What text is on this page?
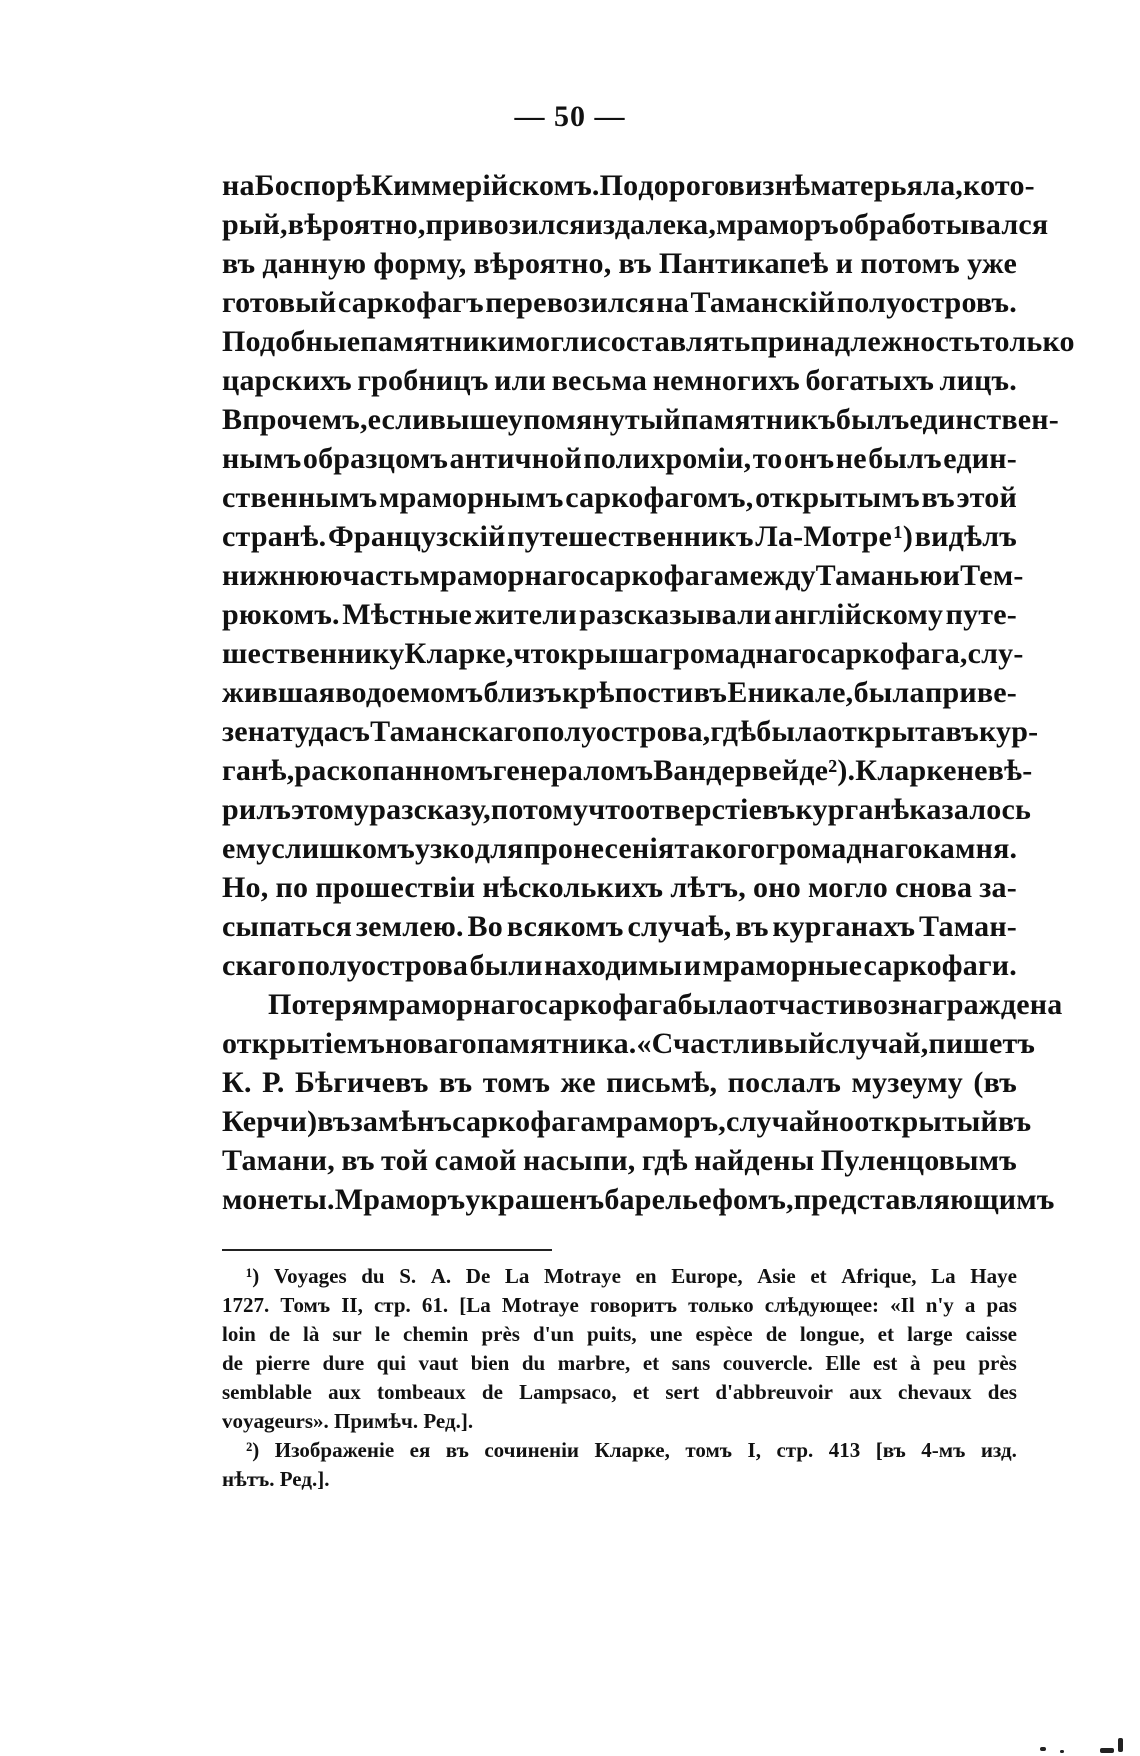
— 50 —
на Боспорѣ Киммерійскомъ. По дороговизнѣ матерьяла, кото-
рый, вѣроятно, привозился издалека, мраморъ обработывался
въ данную форму, вѣроятно, въ Пантикапеѣ и потомъ уже
готовый саркофагъ перевозился на Таманскій полуостровъ.
Подобные памятники могли составлять принадлежность только
царскихъ гробницъ или весьма немногихъ богатыхъ лицъ.
Впрочемъ, если вышеупомянутый памятникъ былъ единствен-
нымъ образцомъ античной полихроміи, то онъ не былъ един-
ственнымъ мраморнымъ саркофагомъ, открытымъ въ этой
странѣ. Французскій путешественникъ Ла-Мотре ¹) видѣлъ
нижнюю часть мраморнаго саркофага между Таманью и Тем-
рюкомъ. Мѣстные жители разсказывали англійскому путе-
шественнику Кларке, что крыша громаднаго саркофага, слу-
жившая водоемомъ близъ крѣпости въ Еникале, была приве-
зена туда съ Таманскаго полуострова, гдѣ была открыта въ кур-
ганѣ, раскопанномъ генераломъ Вандервейде ²). Кларке не вѣ-
рилъ этому разсказу, потому что отверстіе въ курганѣ казалось
ему слишкомъ узко для пронесенія такого громаднаго камня.
Но, по прошествіи нѣсколькихъ лѣтъ, оно могло снова за-
сыпаться землею. Во всякомъ случаѣ, въ курганахъ Таман-
скаго полуострова были находимы и мраморные саркофаги.
Потеря мраморнаго саркофага была отчасти вознаграждена
открытіемъ новаго памятника. «Счастливый случай, пишетъ
К. Р. Бѣгичевъ въ томъ же письмѣ, послалъ музеуму (въ
Керчи) въ замѣнъ саркофага мраморъ, случайно открытый въ
Тамани, въ той самой насыпи, гдѣ найдены Пуленцовымъ
монеты. Мраморъ украшенъ барельефомъ, представляющимъ
¹) Voyages du S. A. De La Motraye en Europe, Asie et Afrique, La Haye
1727. Томъ II, стр. 61. [La Motraye говоритъ только слѣдующее: «Il n'y a pas
loin de là sur le chemin près d'un puits, une espèce de longue, et large caisse
de pierre dure qui vaut bien du marbre, et sans couvercle. Elle est à peu près
semblable aux tombeaux de Lampsaco, et sert d'abbreuvoir aux chevaux des
voyageurs». Примѣч. Ред.].
²) Изображеніе ея въ сочиненіи Кларке, томъ I, стр. 413 [въ 4-мъ изд.
нѣтъ. Ред.].
